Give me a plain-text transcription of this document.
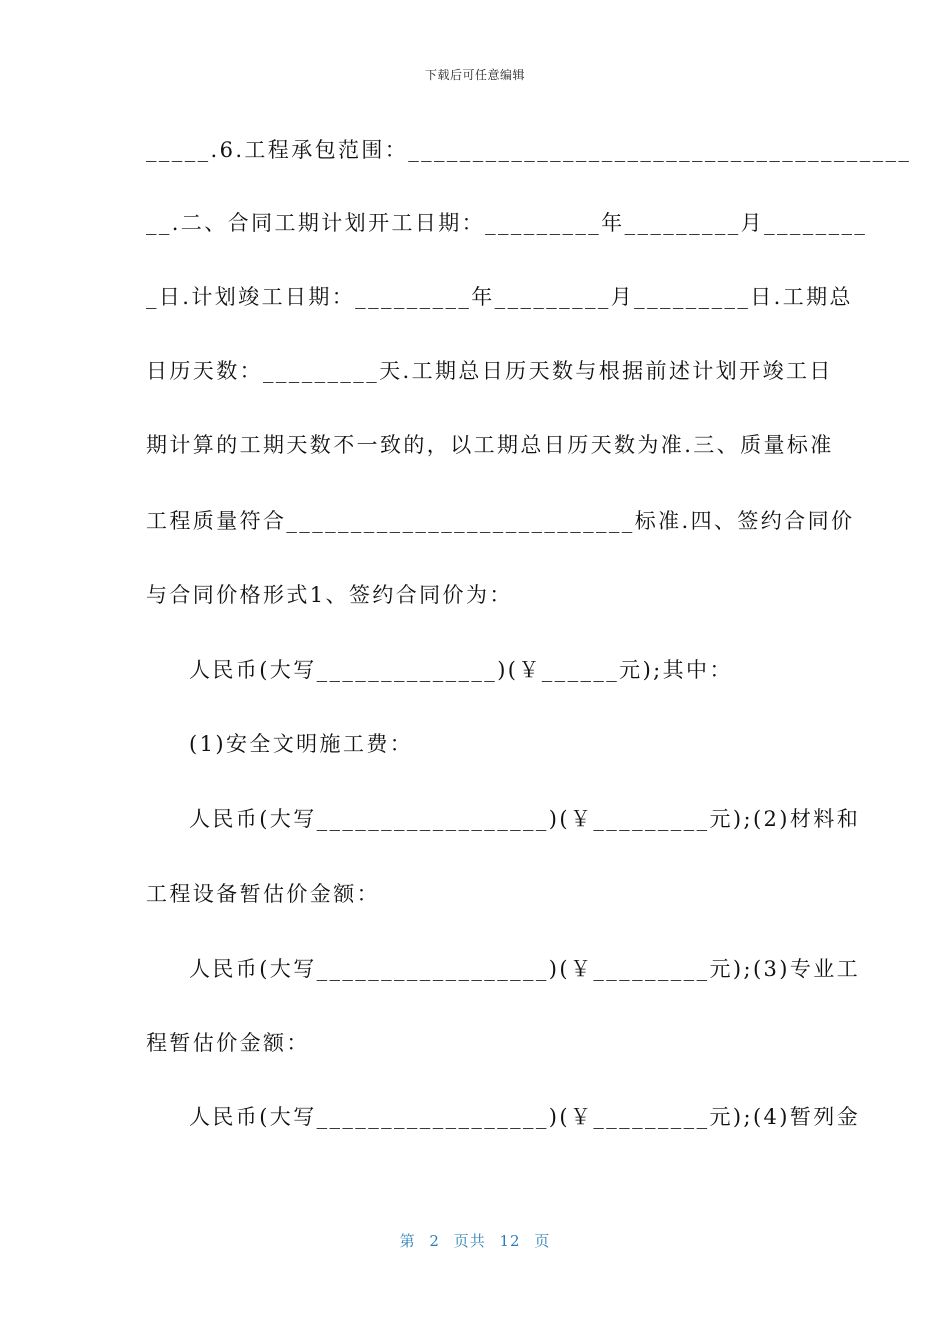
下载后可任意编辑
_____.6.工程承包范围：_______________________________________
__.二、合同工期计划开工日期：_________年_________月________
_日.计划竣工日期：_________年_________月_________日.工期总
日历天数：_________天.工期总日历天数与根据前述计划开竣工日
期计算的工期天数不一致的，以工期总日历天数为准.三、质量标准
工程质量符合___________________________标准.四、签约合同价
与合同价格形式1、签约合同价为：
人民币(大写______________)(￥______元);其中：
(1)安全文明施工费：
人民币(大写__________________)(￥_________元);(2)材料和
工程设备暂估价金额：
人民币(大写__________________)(￥_________元);(3)专业工
程暂估价金额：
人民币(大写__________________)(￥_________元);(4)暂列金
第 2 页共 12 页
